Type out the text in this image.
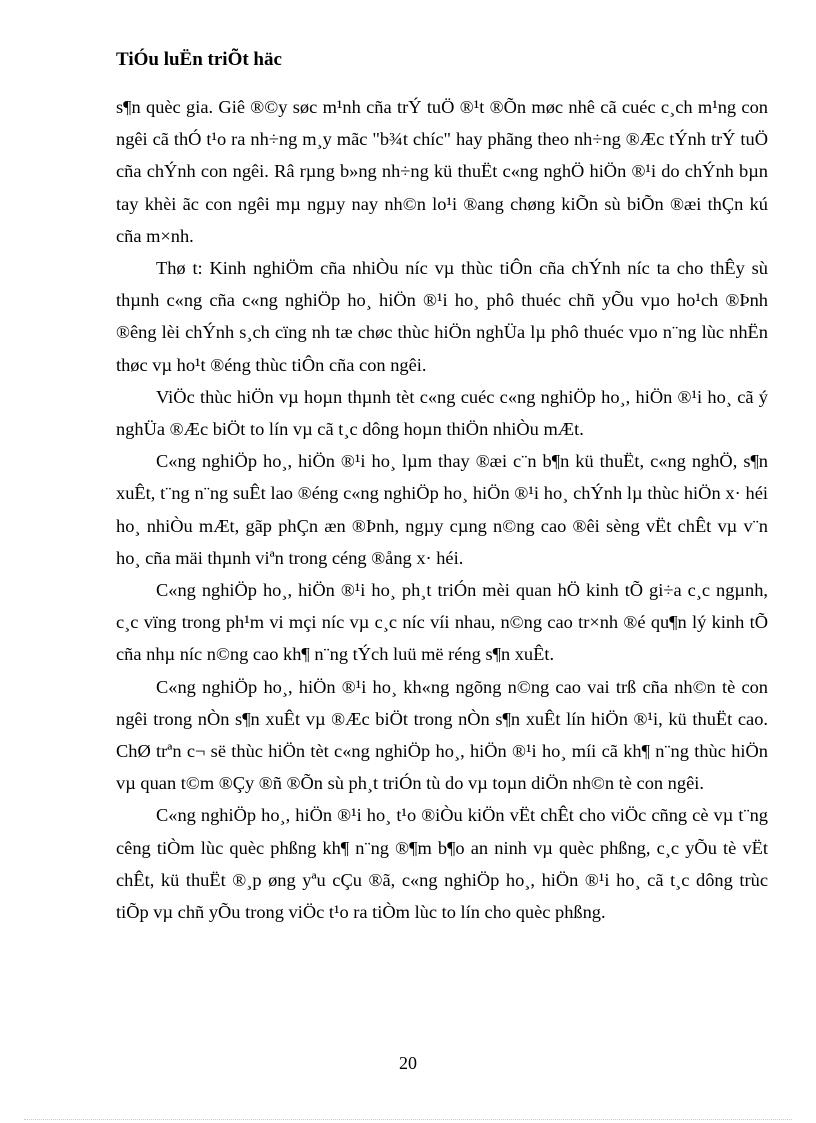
TiÓu luËn triÕt häc

s¶n quèc gia. Giê ®©y søc m¹nh cña trÝ tuÖ ®¹t ®Õn møc nhê cã cuéc c¸ch m¹ng con ngêi cã thÓ t¹o ra nh÷ng m¸y mãc "b¾t chíc" hay phãng theo nh÷ng ®Æc tÝnh trÝ tuÖ cña chÝnh con ngêi. Râ rµng b»ng nh÷ng kü thuËt c«ng nghÖ hiÖn ®¹i do chÝnh bµn tay khèi ãc con ngêi mµ ngµy nay nh©n lo¹i ®ang chøng kiÕn sù biÕn ®æi thÇn kú cña m×nh.

Thø t: Kinh nghiÖm cña nhiÒu níc vµ thùc tiÔn cña chÝnh níc ta cho thÊy sù thµnh c«ng cña c«ng nghiÖp ho¸ hiÖn ®¹i ho¸ phô thuéc chñ yÕu vµo ho¹ch ®Þnh ®êng lèi chÝnh s¸ch cïng nh tæ chøc thùc hiÖn nghÜa lµ phô thuéc vµo n¨ng lùc nhËn thøc vµ ho¹t ®éng thùc tiÔn cña con ngêi.

ViÖc thùc hiÖn vµ hoµn thµnh tèt c«ng cuéc c«ng nghiÖp ho¸, hiÖn ®¹i ho¸ cã ý nghÜa ®Æc biÖt to lín vµ cã t¸c dông hoµn thiÖn nhiÒu mÆt.

C«ng nghiÖp ho¸, hiÖn ®¹i ho¸ lµm thay ®æi c¨n b¶n kü thuËt, c«ng nghÖ, s¶n xuÊt, t¨ng n¨ng suÊt lao ®éng c«ng nghiÖp ho¸ hiÖn ®¹i ho¸ chÝnh lµ thùc hiÖn x· héi ho¸ nhiÒu mÆt, gãp phÇn æn ®Þnh, ngµy cµng n©ng cao ®êi sèng vËt chÊt vµ v¨n ho¸ cña mäi thµnh viªn trong céng ®ång x· héi.

C«ng nghiÖp ho¸, hiÖn ®¹i ho¸ ph¸t triÓn mèi quan hÖ kinh tÕ gi÷a c¸c ngµnh, c¸c vïng trong ph¹m vi mçi níc vµ c¸c níc víi nhau, n©ng cao tr×nh ®é qu¶n lý kinh tÕ cña nhµ níc n©ng cao kh¶ n¨ng tÝch luü më réng s¶n xuÊt.

C«ng nghiÖp ho¸, hiÖn ®¹i ho¸ kh«ng ngõng n©ng cao vai trß cña nh©n tè con ngêi trong nÒn s¶n xuÊt vµ ®Æc biÖt trong nÒn s¶n xuÊt lín hiÖn ®¹i, kü thuËt cao. ChØ trªn c¬ së thùc hiÖn tèt c«ng nghiÖp ho¸, hiÖn ®¹i ho¸ míi cã kh¶ n¨ng thùc hiÖn vµ quan t©m ®Çy ®ñ ®Õn sù ph¸t triÓn tù do vµ toµn diÖn nh©n tè con ngêi.

C«ng nghiÖp ho¸, hiÖn ®¹i ho¸ t¹o ®iÒu kiÖn vËt chÊt cho viÖc cñng cè vµ t¨ng cêng tiÒm lùc quèc phßng kh¶ n¨ng ®¶m b¶o an ninh vµ quèc phßng, c¸c yÕu tè vËt chÊt, kü thuËt ®¸p øng yªu cÇu ®ã, c«ng nghiÖp ho¸, hiÖn ®¹i ho¸ cã t¸c dông trùc tiÕp vµ chñ yÕu trong viÖc t¹o ra tiÒm lùc to lín cho quèc phßng.

20
